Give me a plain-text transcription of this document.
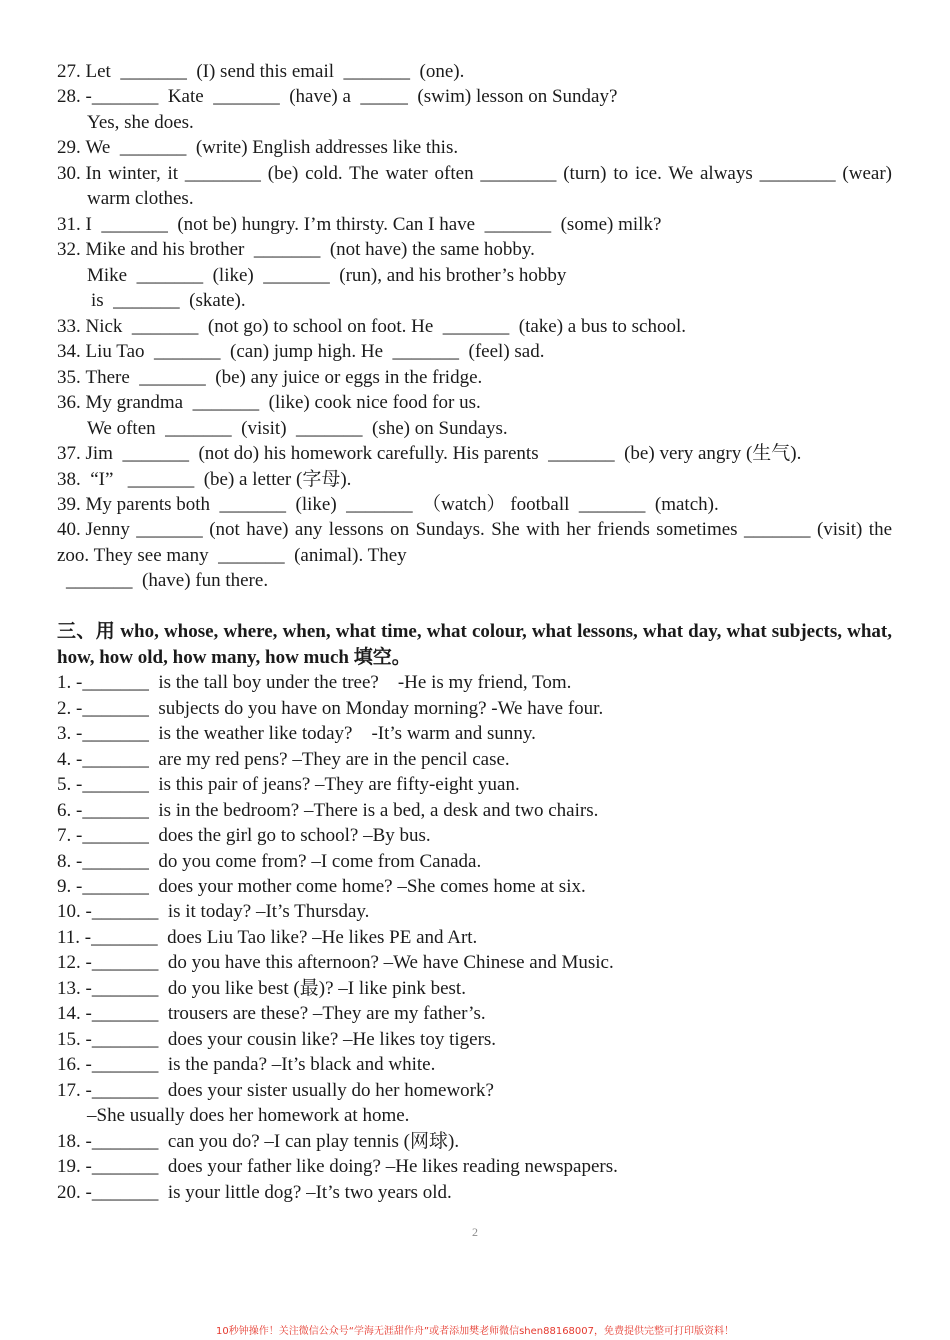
27. Let  _______  (I) send this email  _______  (one).
28. -_______  Kate  _______  (have) a  _____  (swim) lesson on Sunday?
Yes, she does.
29. We  _______  (write) English addresses like this.
30. In winter, it ________ (be) cold. The water often ________ (turn) to ice. We always ________ (wear)
warm clothes.
31. I  _______  (not be) hungry. I’m thirsty. Can I have  _______  (some) milk?
32. Mike and his brother  _______  (not have) the same hobby.
Mike  _______  (like)  _______  (run), and his brother’s hobby
is  _______  (skate).
33. Nick  _______  (not go) to school on foot. He  _______  (take) a bus to school.
34. Liu Tao  _______  (can) jump high. He  _______  (feel) sad.
35. There  _______  (be) any juice or eggs in the fridge.
36. My grandma  _______  (like) cook nice food for us.
We often  _______  (visit)  _______  (she) on Sundays.
37. Jim  _______  (not do) his homework carefully. His parents  _______  (be) very angry (生气).
38. “I”   _______  (be) a letter (字母).
39. My parents both  _______  (like)  _______  （watch） football  _______  (match).
40. Jenny _______ (not have) any lessons on Sundays. She with her friends sometimes _______ (visit) the
zoo. They see many  _______  (animal). They
_______  (have) fun there.
三、用 who, whose, where, when, what time, what colour, what lessons, what day, what subjects, what,
how, how old, how many, how much 填空。
1. -_______  is the tall boy under the tree?    -He is my friend, Tom.
2. -_______  subjects do you have on Monday morning? -We have four.
3. -_______  is the weather like today?    -It’s warm and sunny.
4. -_______  are my red pens? –They are in the pencil case.
5. -_______  is this pair of jeans? –They are fifty-eight yuan.
6. -_______  is in the bedroom? –There is a bed, a desk and two chairs.
7. -_______  does the girl go to school? –By bus.
8. -_______  do you come from? –I come from Canada.
9. -_______  does your mother come home? –She comes home at six.
10. -_______  is it today? –It’s Thursday.
11. -_______  does Liu Tao like? –He likes PE and Art.
12. -_______  do you have this afternoon? –We have Chinese and Music.
13. -_______  do you like best (最)? –I like pink best.
14. -_______  trousers are these? –They are my father’s.
15. -_______  does your cousin like? –He likes toy tigers.
16. -_______  is the panda? –It’s black and white.
17. -_______  does your sister usually do her homework?
–She usually does her homework at home.
18. -_______  can you do? –I can play tennis (网球).
19. -_______  does your father like doing? –He likes reading newspapers.
20. -_______  is your little dog? –It’s two years old.
2
10秒钟操作！关注微信公众号“学海无涯甜作舟”或者添加樊老师微信shen88168007，免费提供完整可打印版资料！
